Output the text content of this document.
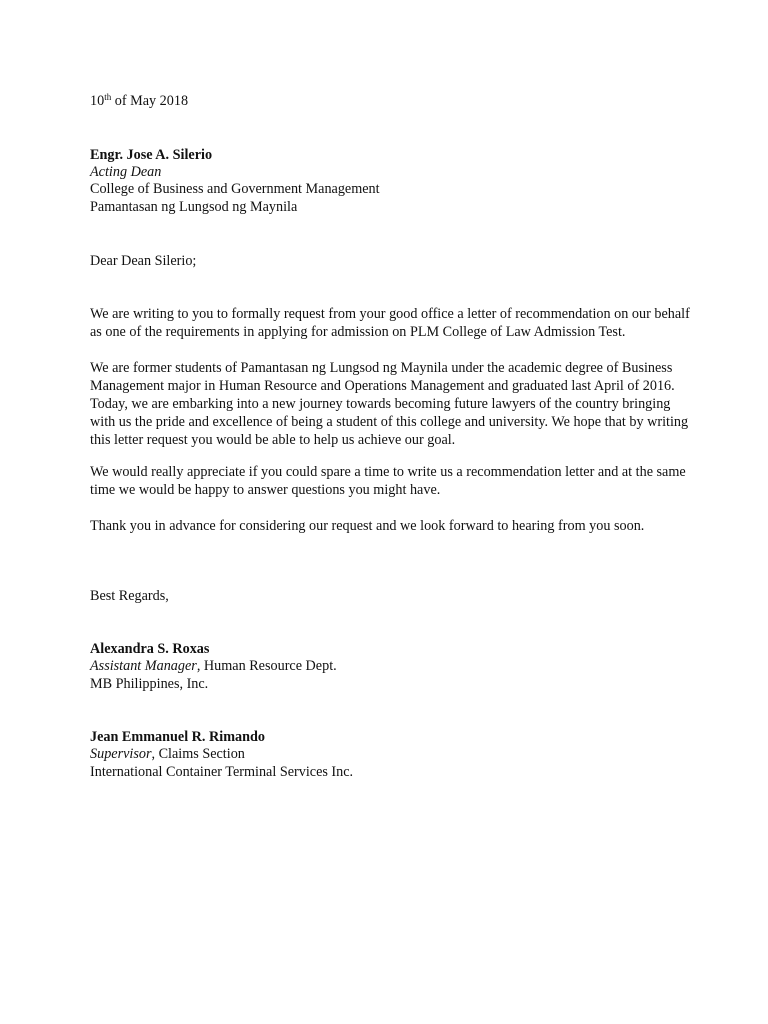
10th of May 2018

Engr. Jose A. Silerio

Acting Dean

College of Business and Government Management

Pamantasan ng Lungsod ng Maynila

Dear Dean Silerio;

We are writing to you to formally request from your good office a letter of recommendation on our behalf
as one of the requirements in applying for admission on PLM College of Law Admission Test.
We are former students of Pamantasan ng Lungsod ng Maynila under the academic degree of Business
Management major in Human Resource and Operations Management and graduated last April of 2016.
Today, we are embarking into a new journey towards becoming future lawyers of the country bringing
with us the pride and excellence of being a student of this college and university. We hope that by writing
this letter request you would be able to help us achieve our goal.
We would really appreciate if you could spare a time to write us a recommendation letter and at the same
time we would be happy to answer questions you might have.
Thank you in advance for considering our request and we look forward to hearing from you soon.

Best Regards,

Alexandra S. Roxas

Assistant Manager, Human Resource Dept.

MB Philippines, Inc.

Jean Emmanuel R. Rimando

Supervisor, Claims Section

International Container Terminal Services Inc.
